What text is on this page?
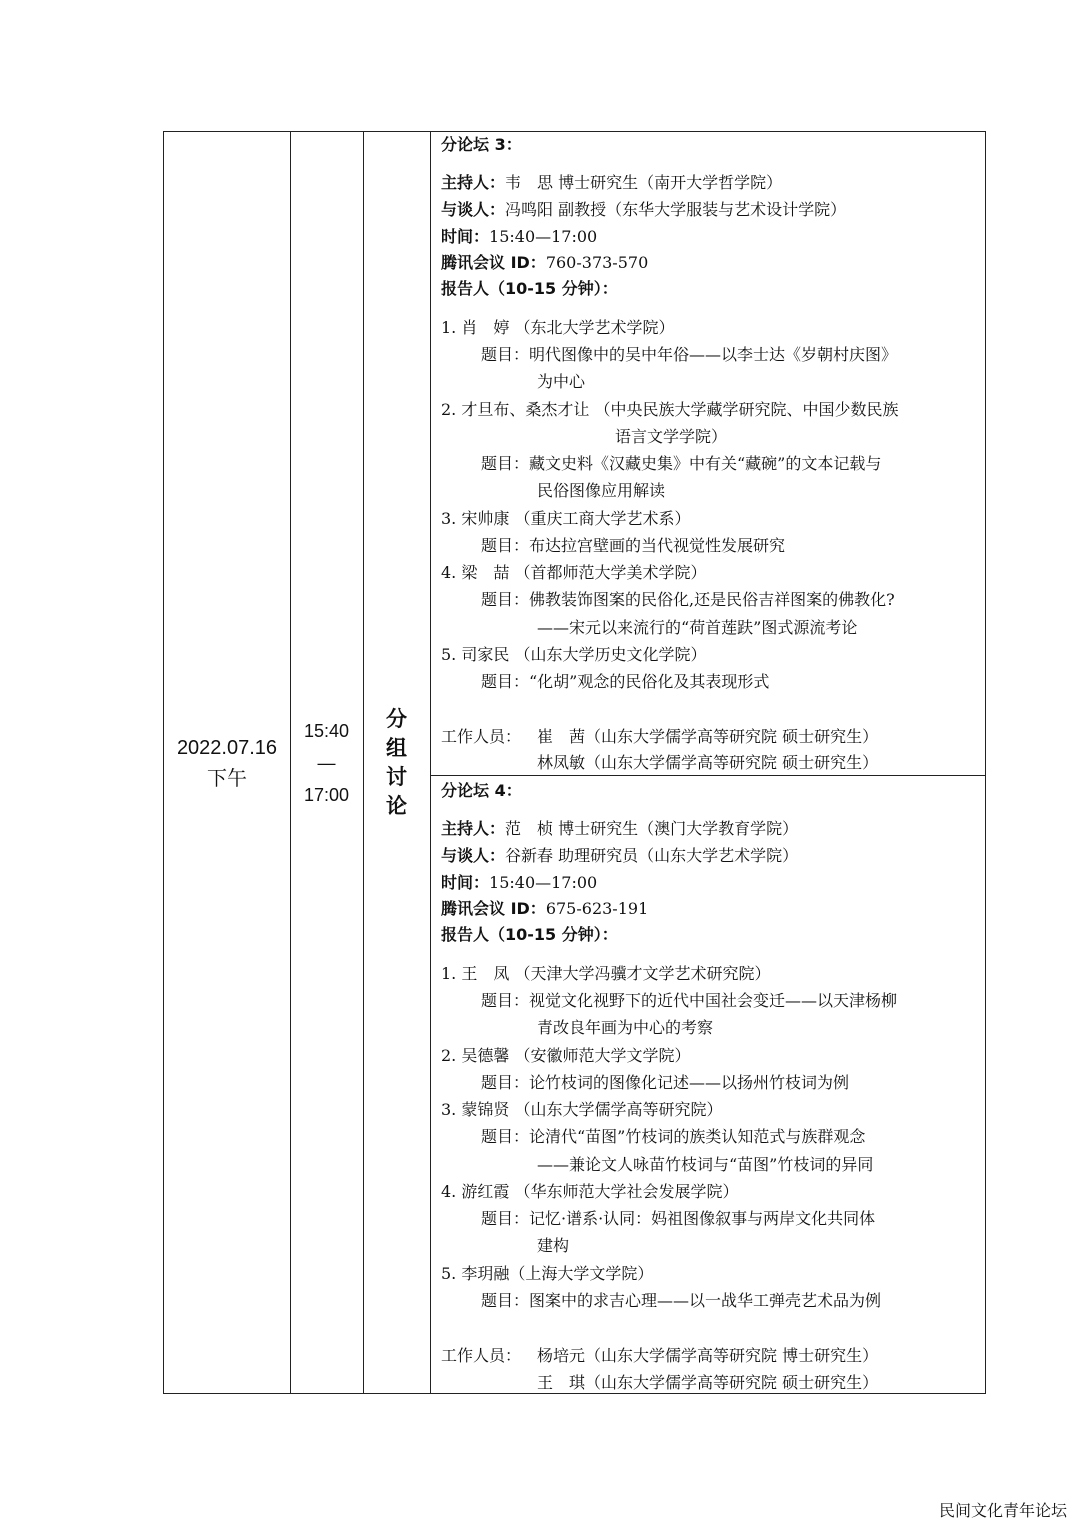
2022.07.16
下午
15:40
—
17:00
分
组
讨
论
分论坛 3：
主持人：韦　思 博士研究生（南开大学哲学院）
与谈人：冯鸣阳 副教授（东华大学服装与艺术设计学院）
时间：15:40—17:00
腾讯会议 ID：760-373-570
报告人（10-15 分钟）：
1. 肖　婷 （东北大学艺术学院）
题目：明代图像中的吴中年俗——以李士达《岁朝村庆图》
为中心
2. 才旦布、桑杰才让 （中央民族大学藏学研究院、中国少数民族
语言文学学院）
题目：藏文史料《汉藏史集》中有关“藏碗”的文本记载与
民俗图像应用解读
3. 宋帅康 （重庆工商大学艺术系）
题目：布达拉宫壁画的当代视觉性发展研究
4. 梁　喆 （首都师范大学美术学院）
题目：佛教装饰图案的民俗化,还是民俗吉祥图案的佛教化?
——宋元以来流行的“荷首莲趺”图式源流考论
5. 司家民 （山东大学历史文化学院）
题目：“化胡”观念的民俗化及其表现形式
工作人员： 崔　茜（山东大学儒学高等研究院 硕士研究生）
林凤敏（山东大学儒学高等研究院 硕士研究生）
分论坛 4：
主持人：范　桢 博士研究生（澳门大学教育学院）
与谈人：谷新春 助理研究员（山东大学艺术学院）
时间：15:40—17:00
腾讯会议 ID：675-623-191
报告人（10-15 分钟）：
1. 王　凤 （天津大学冯骥才文学艺术研究院）
题目：视觉文化视野下的近代中国社会变迁——以天津杨柳
青改良年画为中心的考察
2. 吴德馨 （安徽师范大学文学院）
题目：论竹枝词的图像化记述——以扬州竹枝词为例
3. 蒙锦贤 （山东大学儒学高等研究院）
题目：论清代“苗图”竹枝词的族类认知范式与族群观念
——兼论文人咏苗竹枝词与“苗图”竹枝词的异同
4. 游红霞 （华东师范大学社会发展学院）
题目：记忆·谱系·认同：妈祖图像叙事与两岸文化共同体
建构
5. 李玥融（上海大学文学院）
题目：图案中的求吉心理——以一战华工弹壳艺术品为例
工作人员： 杨培元（山东大学儒学高等研究院 博士研究生）
王　琪（山东大学儒学高等研究院 硕士研究生）
民间文化青年论坛
